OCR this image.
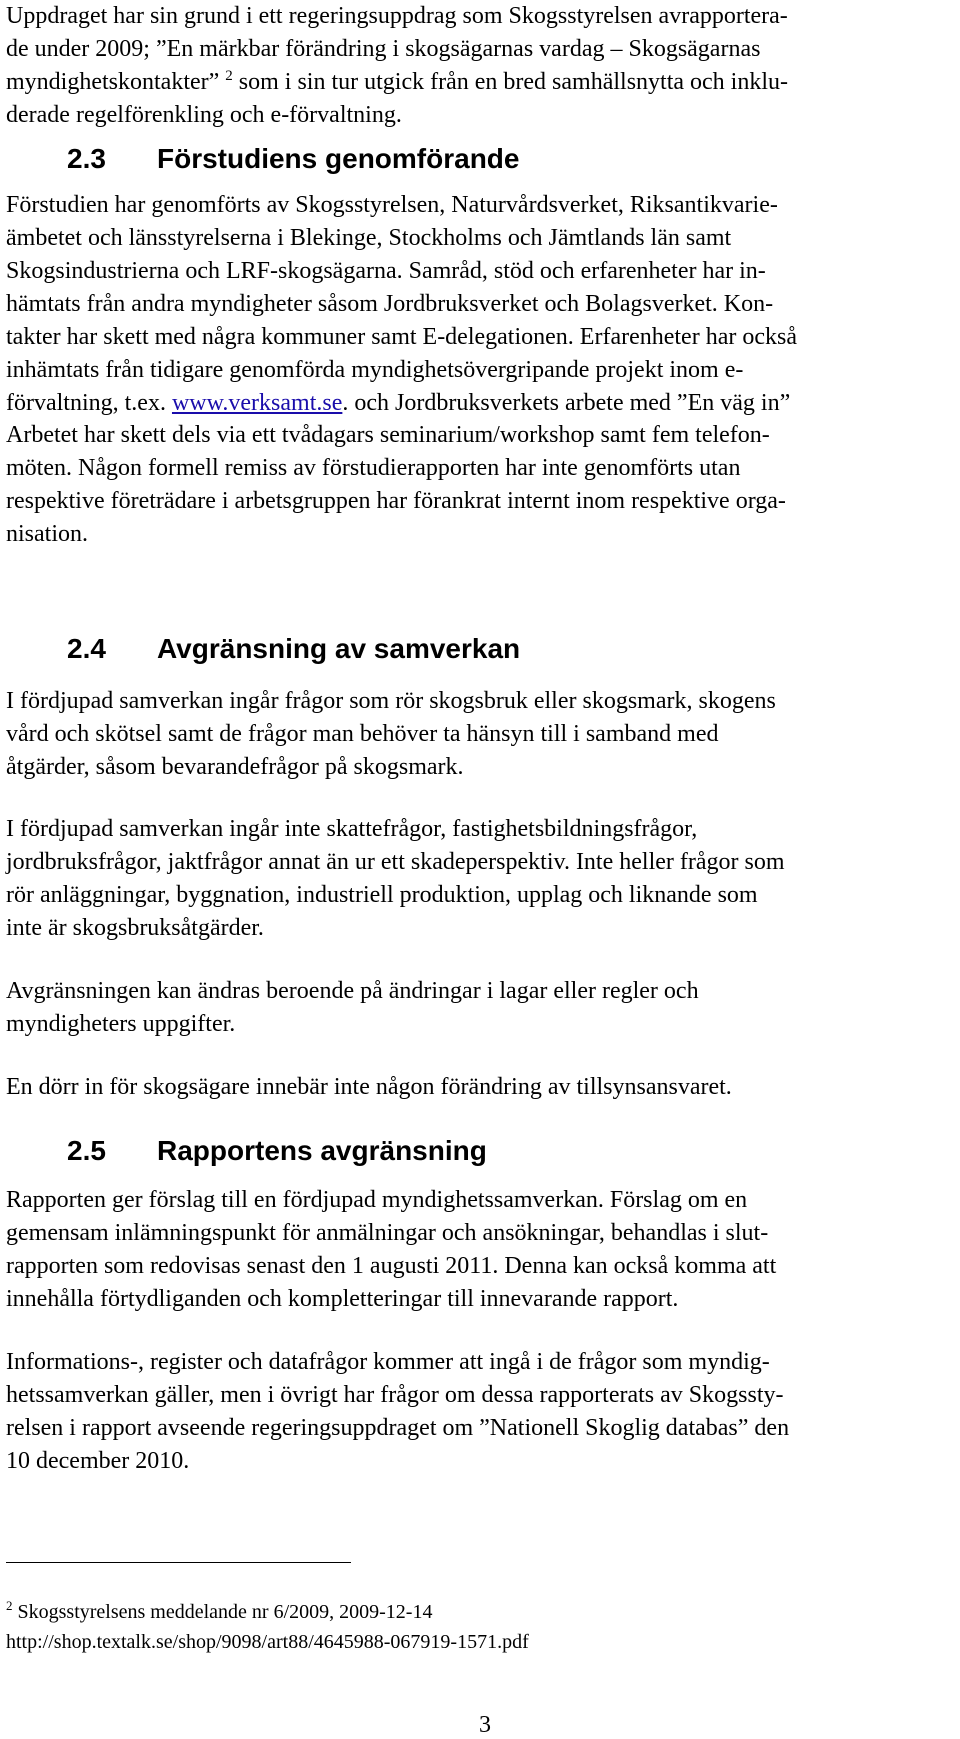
Uppdraget har sin grund i ett regeringsuppdrag som Skogsstyrelsen avrapportera-
de under 2009; ”En märkbar förändring i skogsägarnas vardag – Skogsägarnas
myndighetskontakter” $^2$ som i sin tur utgick från en bred samhällsnytta och inklu-
derade regelförenkling och e-förvaltning.
2.3 Förstudiens genomförande
Förstudien har genomförts av Skogsstyrelsen, Naturvårdsverket, Riksantikvarie-
ämbetet och länsstyrelserna i Blekinge, Stockholms och Jämtlands län samt
Skogsindustrierna och LRF-skogsägarna. Samråd, stöd och erfarenheter har in-
hämtats från andra myndigheter såsom Jordbruksverket och Bolagsverket. Kon-
takter har skett med några kommuner samt E-delegationen. Erfarenheter har också
inhämtats från tidigare genomförda myndighetsövergripande projekt inom e-
förvaltning, t.ex. www.verksamt.se. och Jordbruksverkets arbete med ”En väg in”
Arbetet har skett dels via ett tvådagars seminarium/workshop samt fem telefon-
möten. Någon formell remiss av förstudierapporten har inte genomförts utan
respektive företrädare i arbetsgruppen har förankrat internt inom respektive orga-
nisation.
2.4 Avgränsning av samverkan
I fördjupad samverkan ingår frågor som rör skogsbruk eller skogsmark, skogens
vård och skötsel samt de frågor man behöver ta hänsyn till i samband med
åtgärder, såsom bevarandefrågor på skogsmark.
I fördjupad samverkan ingår inte skattefrågor, fastighetsbildningsfrågor,
jordbruksfrågor, jaktfrågor annat än ur ett skadeperspektiv. Inte heller frågor som
rör anläggningar, byggnation, industriell produktion, upplag och liknande som
inte är skogsbruksåtgärder.
Avgränsningen kan ändras beroende på ändringar i lagar eller regler och
myndigheters uppgifter.
En dörr in för skogsägare innebär inte någon förändring av tillsynsansvaret.
2.5 Rapportens avgränsning
Rapporten ger förslag till en fördjupad myndighetssamverkan. Förslag om en
gemensam inlämningspunkt för anmälningar och ansökningar, behandlas i slut-
rapporten som redovisas senast den 1 augusti 2011. Denna kan också komma att
innehålla förtydliganden och kompletteringar till innevarande rapport.
Informations-, register och datafrågor kommer att ingå i de frågor som myndig-
hetssamverkan gäller, men i övrigt har frågor om dessa rapporterats av Skogssty-
relsen i rapport avseende regeringsuppdraget om ”Nationell Skoglig databas” den
10 december 2010.

$^2$ Skogsstyrelsens meddelande nr 6/2009, 2009-12-14

http://shop.textalk.se/shop/9098/art88/4645988-067919-1571.pdf

3
